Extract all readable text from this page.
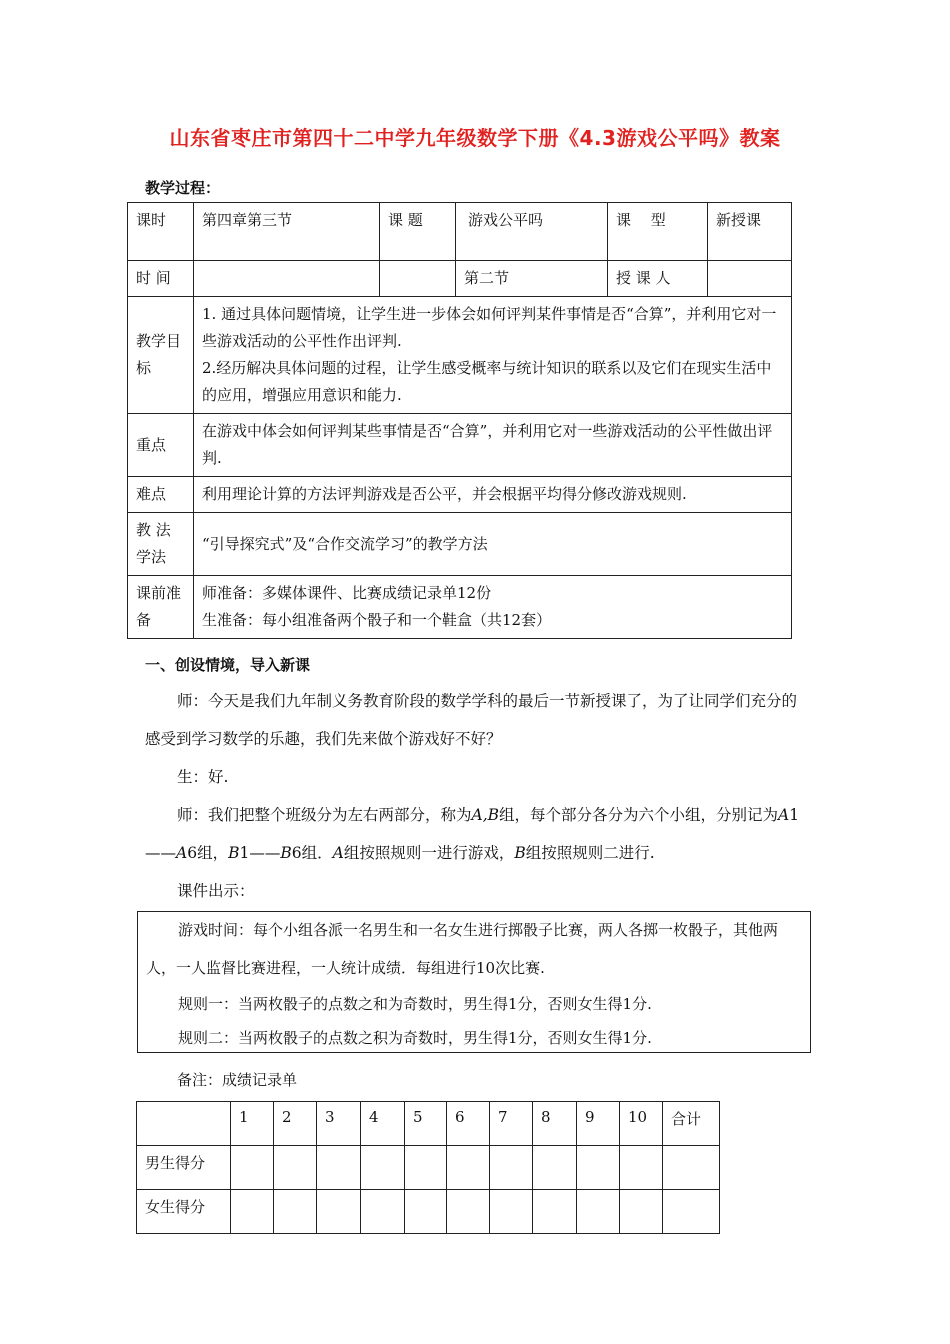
山东省枣庄市第四十二中学九年级数学下册《4.3游戏公平吗》教案
教学过程：
课时	第四章第三节	课 题	游戏公平吗	课　 型	新授课
时 间			第二节	授 课 人	
教学目标	1. 通过具体问题情境，让学生进一步体会如何评判某件事情是否“合算”，并利用它对一些游戏活动的公平性作出评判.
2.经历解决具体问题的过程，让学生感受概率与统计知识的联系以及它们在现实生活中的应用，增强应用意识和能力.				

重点	在游戏中体会如何评判某些事情是否“合算”，并利用它对一些游戏活动的公平性做出评判.				
难点	利用理论计算的方法评判游戏是否公平，并会根据平均得分修改游戏规则.				
教 法学法	“引导探究式”及“合作交流学习”的教学方法				
课前准备	师准备：多媒体课件、比赛成绩记录单12份
生准备：每小组准备两个骰子和一个鞋盒（共12套）				
一、创设情境，导入新课
师：今天是我们九年制义务教育阶段的数学学科的最后一节新授课了，为了让同学们充分的感受到学习数学的乐趣，我们先来做个游戏好不好？
生：好.
师：我们把整个班级分为左右两部分，称为A,B组，每个部分各分为六个小组，分别记为A1——A6组，B1——B6组．A组按照规则一进行游戏，B组按照规则二进行.
课件出示：

游戏时间：每个小组各派一名男生和一名女生进行掷骰子比赛，两人各掷一枚骰子，其他两人，一人监督比赛进程，一人统计成绩．每组进行10次比赛.

规则一：当两枚骰子的点数之和为奇数时，男生得1分，否则女生得1分.

规则二：当两枚骰子的点数之积为奇数时，男生得1分，否则女生得1分.

备注：成绩记录单
	1	2	3	4	5	6	7	8	9	10	合计
男生得分											
女生得分											
